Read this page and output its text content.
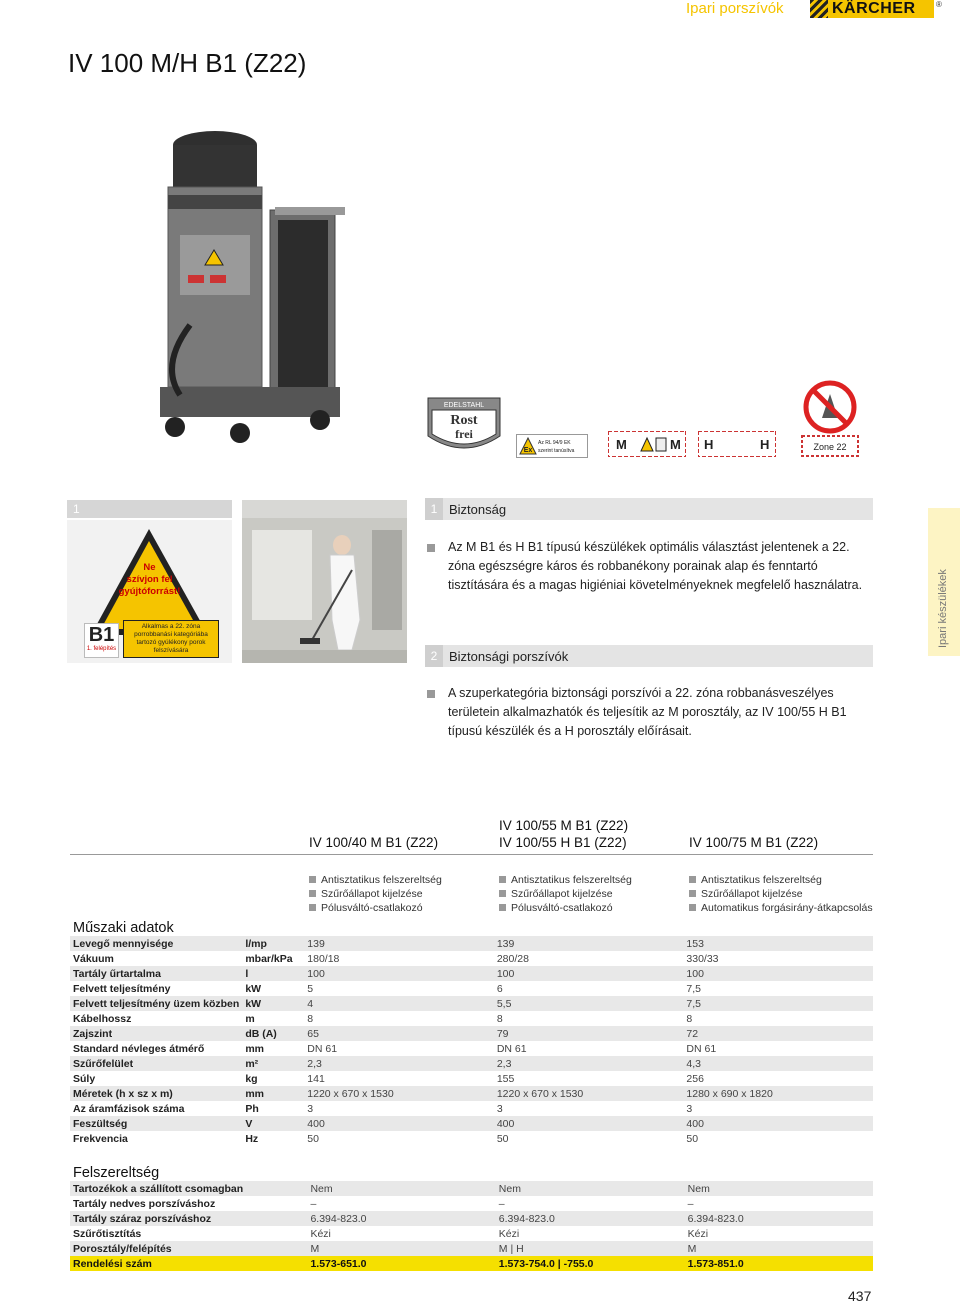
Ipari porszívók	KÄRCHER	®
IV 100 M/H B1 (Z22)
EDELSTAHL
Rost
frei
Ex
Az RL 94/9 EK
szerint tanúsítva	M	M H	H	Zone 22
1
Ne
szívjon fel
gyújtóforrást!
B1
1. felépítés
Alkalmas a 22. zóna
porrobbanási kategóriába
tartozó gyúlékony porok
felszívására
1 Biztonság
Az M B1 és H B1 típusú készülékek optimális választást jelentenek a 22. zóna egészségre káros és robbanékony porainak alap és fenntartó tisztítására és a magas higiéniai követelményeknek megfelelő használatra.
2 Biztonsági porszívók
A szuperkategória biztonsági porszívói a 22. zóna robbanásveszélyes területein alkalmazhatók és teljesítik az M porosztály, az IV 100/55 H B1 típusú készülék és a H porosztály előírásait.
Ipari készülékek
IV 100/40 M B1 (Z22)
IV 100/55 M B1 (Z22)
IV 100/55 H B1 (Z22)	IV 100/75 M B1 (Z22)
Antisztatikus felszereltség
Szűrőállapot kijelzése
Pólusváltó-csatlakozó
Antisztatikus felszereltség
Szűrőállapot kijelzése
Pólusváltó-csatlakozó
Antisztatikus felszereltség
Szűrőállapot kijelzése
Automatikus forgásirány-átkapcsolás
Műszaki adatok
Levegő mennyisége	l/mp	139	139	153
Vákuum	mbar/kPa	180/18	280/28	330/33
Tartály űrtartalma	l	100	100	100
Felvett teljesítmény	kW	5	6	7,5
Felvett teljesítmény üzem közben	kW	4	5,5	7,5
Kábelhossz	m	8	8	8
Zajszint	dB (A)	65	79	72
Standard névleges átmérő	mm	DN 61	DN 61	DN 61
Szűrőfelület	m²	2,3	2,3	4,3
Súly	kg	141	155	256
Méretek (h x sz x m)	mm	1220 x 670 x 1530	1220 x 670 x 1530	1280 x 690 x 1820
Az áramfázisok száma	Ph	3	3	3
Feszültség	V	400	400	400
Frekvencia	Hz	50	50	50
Felszereltség
Tartozékok a szállított csomagban		Nem	Nem	Nem
Tartály nedves porszíváshoz		–	–	–
Tartály száraz porszíváshoz		6.394-823.0	6.394-823.0	6.394-823.0
Szűrőtisztítás		Kézi	Kézi	Kézi
Porosztály/felépítés		M	M | H	M
Rendelési szám		1.573-651.0	1.573-754.0 | -755.0	1.573-851.0
437
